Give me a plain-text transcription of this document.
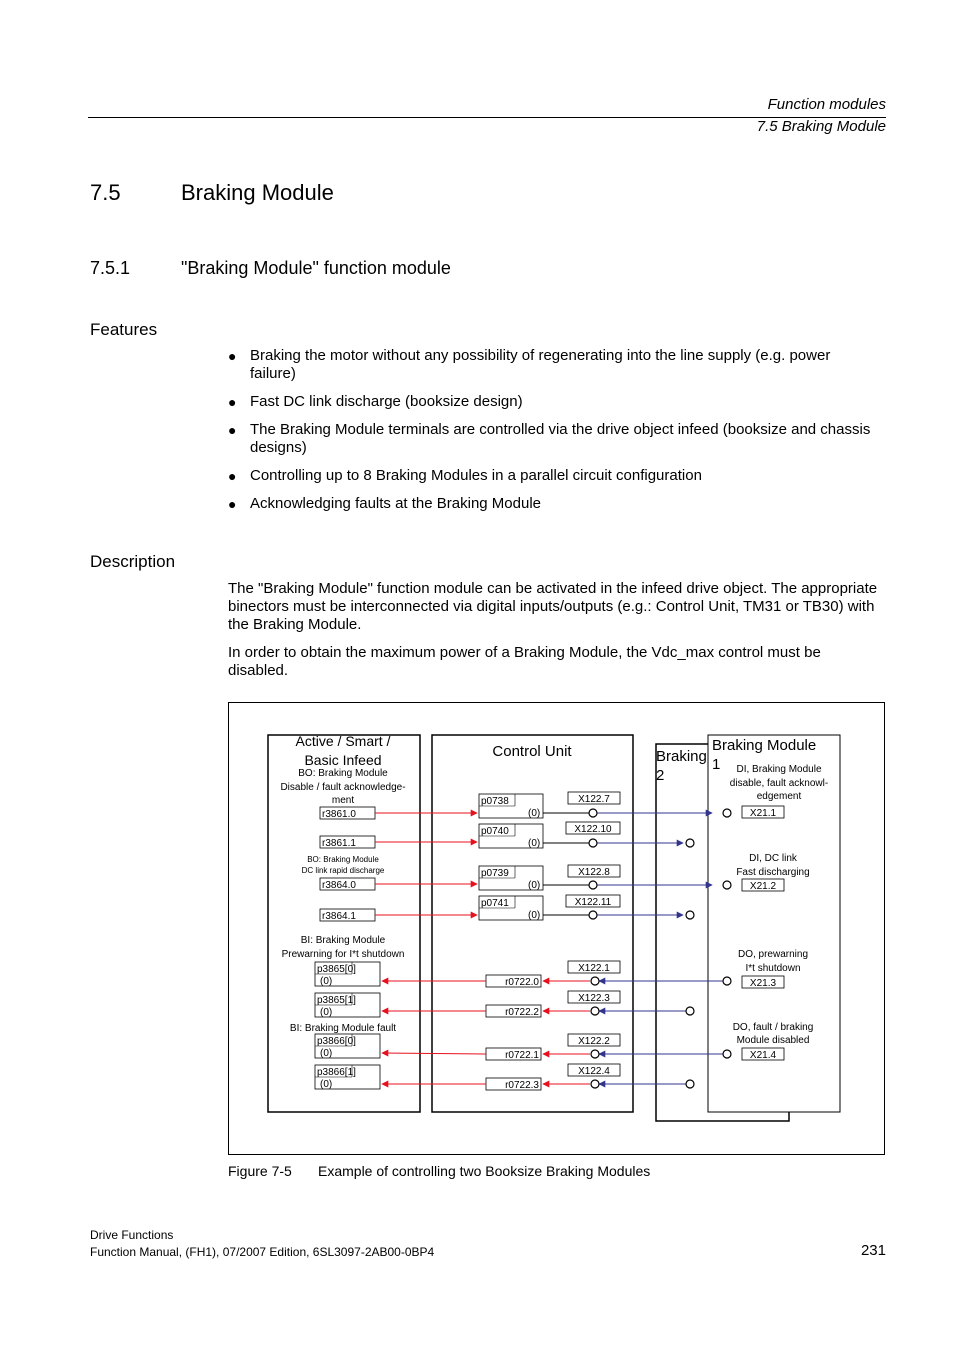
Function modules
7.5 Braking Module
7.5	Braking Module
7.5.1	"Braking Module" function module
Features
● Braking the motor without any possibility of regenerating into the line supply (e.g. power failure)
● Fast DC link discharge (booksize design)
● The Braking Module terminals are controlled via the drive object infeed (booksize and chassis designs)
● Controlling up to 8 Braking Modules in a parallel circuit configuration
● Acknowledging faults at the Braking Module
Description
The "Braking Module" function module can be activated in the infeed drive object. The appropriate binectors must be interconnected via digital inputs/outputs (e.g.: Control Unit, TM31 or TB30) with the Braking Module.
In order to obtain the maximum power of a Braking Module, the Vdc_max control must be disabled.
Active / Smart /
Basic Infeed
BO: Braking Module
Disable / fault acknowledge-
ment
BO: Braking Module
DC link rapid discharge
BI: Braking Module
Prewarning for I*t shutdown
BI: Braking Module fault
r3861.0
r3861.1
r3864.0
r3864.1
p3865[0]
(0)
p3865[1]
(0)
p3866[0]
(0)
p3866[1]
(0)
Control Unit
p0738
(0)
p0740
(0)
p0739
(0)
p0741
(0)
X122.7
X122.10
X122.8
X122.11
r0722.0
X122.1
r0722.2
X122.3
r0722.1
X122.2
r0722.3
X122.4
Braking
2
Braking Module
1 DI, Braking Module
disable, fault acknowl-
edgement
DI, DC link
Fast discharging
DO, prewarning
I*t shutdown
DO, fault / braking
Module disabled
X21.1
X21.2
X21.3
X21.4
Figure 7-5 Example of controlling two Booksize Braking Modules
Drive Functions
Function Manual, (FH1), 07/2007 Edition, 6SL3097-2AB00-0BP4	231
